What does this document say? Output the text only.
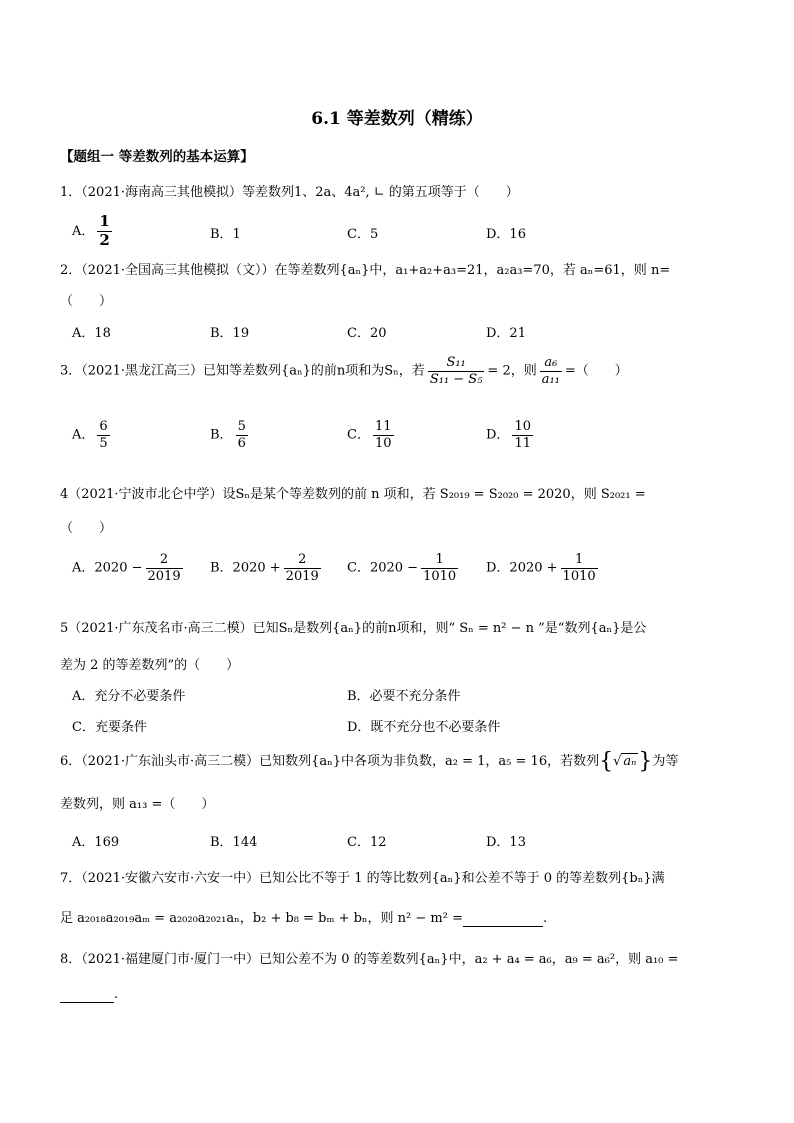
6.1 等差数列（精练）
【题组一 等差数列的基本运算】
1．（2021·海南高三其他模拟）等差数列1、2a、4a², ∟ 的第五项等于（　　）
A． $\frac{1}{2}$	B．1	C．5	D．16
2．（2021·全国高三其他模拟（文））在等差数列{aₙ}中，a₁+a₂+a₃=21，a₂a₃=70，若 aₙ=61，则 n=
（　　）
A．18	B．19	C．20	D．21
3．（2021·黑龙江高三）已知等差数列{aₙ}的前n项和为Sₙ，若 $\frac{\text{S₁₁}}{\text{S₁₁ − S₅}} = 2$，则 $\frac{\text{a₆}}{\text{a₁₁}}$ =（　　）
A． $\frac{6}{5}$	B． $\frac{5}{6}$	C． $\frac{11}{10}$	D． $\frac{10}{11}$
4（2021·宁波市北仑中学）设Sₙ是某个等差数列的前 n 项和，若 S₂₀₁₉ = S₂₀₂₀ = 2020，则 S₂₀₂₁ =
（　　）
A．$2020 - \frac{2}{2019}$ B．$2020 + \frac{2}{2019}$ C．$2020 - \frac{1}{1010}$ D．$2020 + \frac{1}{1010}$
5（2021·广东茂名市·高三二模）已知Sₙ是数列{aₙ}的前n项和，则“ Sₙ = n² − n ”是“数列{aₙ}是公
差为 2 的等差数列”的（　　）
A．充分不必要条件	B．必要不充分条件
C．充要条件	D．既不充分也不必要条件
6．（2021·广东汕头市·高三二模）已知数列{aₙ}中各项为非负数，a₂ = 1，a₅ = 16，若数列{√ aₙ}为等
差数列，则 a₁₃ =（　　）
A．169	B．144	C．12	D．13
7．（2021·安徽六安市·六安一中）已知公比不等于 1 的等比数列{aₙ}和公差不等于 0 的等差数列{bₙ}满
足 a₂₀₁₈a₂₀₁₉aₘ = a₂₀₂₀a₂₀₂₁aₙ，b₂ + b₈ = bₘ + bₙ，则 n² − m² =	.
8．（2021·福建厦门市·厦门一中）已知公差不为 0 的等差数列{aₙ}中，a₂ + a₄ = a₆，a₉ = a₆²，则 a₁₀ =
.
